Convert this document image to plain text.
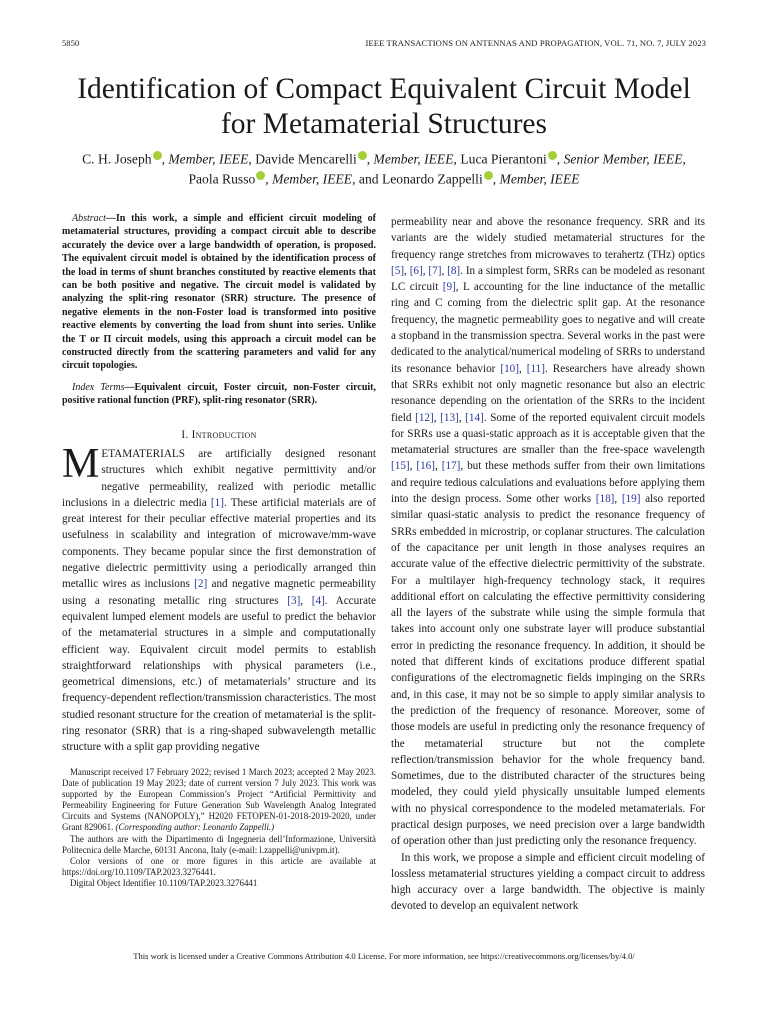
5850	IEEE TRANSACTIONS ON ANTENNAS AND PROPAGATION, VOL. 71, NO. 7, JULY 2023
Identification of Compact Equivalent Circuit Model
for Metamaterial Structures
C. H. Joseph , Member, IEEE, Davide Mencarelli , Member, IEEE, Luca Pierantoni , Senior Member, IEEE,
Paola Russo , Member, IEEE, and Leonardo Zappelli , Member, IEEE

Abstract—In this work, a simple and efficient circuit modeling of metamaterial structures, providing a compact circuit able to describe accurately the device over a large bandwidth of operation, is proposed. The equivalent circuit model is obtained by the identification process of the load in terms of shunt branches constituted by reactive elements that can be both positive and negative. The circuit model is validated by analyzing the split-ring resonator (SRR) structure. The presence of negative elements in the non-Foster load is transformed into positive reactive elements by converting the load from shunt into series. Unlike the T or Π circuit models, using this approach a circuit model can be constructed directly from the scattering parameters and valid for any circuit topologies.

Index Terms—Equivalent circuit, Foster circuit, non-Foster circuit, positive rational function (PRF), split-ring resonator (SRR).

I. Introduction

METAMATERIALS are artificially designed resonant structures which exhibit negative permittivity and/or negative permeability, realized with periodic metallic inclusions in a dielectric media [1]. These artificial materials are of great interest for their peculiar effective material properties and its usefulness in scalability and integration of microwave/mm-wave components. They became popular since the first demonstration of negative dielectric permittivity using a periodically arranged thin metallic wires as inclusions [2] and negative magnetic permeability using a resonating metallic ring structures [3], [4]. Accurate equivalent lumped element models are useful to predict the behavior of the metamaterial structures in a simple and computationally efficient way. Equivalent circuit model permits to establish straightforward relationships with physical parameters (i.e., geometrical dimensions, etc.) of metamaterials’ structure and its frequency-dependent reflection/transmission characteristics. The most studied resonant structure for the creation of metamaterial is the split-ring resonator (SRR) that is a ring-shaped subwavelength metallic structure with a split gap providing negative

Manuscript received 17 February 2022; revised 1 March 2023; accepted 2 May 2023. Date of publication 19 May 2023; date of current version 7 July 2023. This work was supported by the European Commission’s Project “Artificial Permittivity and Permeability Engineering for Future Generation Sub Wavelength Analog Integrated Circuits and Systems (NANOPOLY),” H2020 FETOPEN-01-2018-2019-2020, under Grant 829061. (Corresponding author: Leonardo Zappelli.)

The authors are with the Dipartimento di Ingegneria dell’Informazione, Università Politecnica delle Marche, 60131 Ancona, Italy (e-mail: l.zappelli@univpm.it).

Color versions of one or more figures in this article are available at https://doi.org/10.1109/TAP.2023.3276441.

Digital Object Identifier 10.1109/TAP.2023.3276441

permeability near and above the resonance frequency. SRR and its variants are the widely studied metamaterial structures for the frequency range stretches from microwaves to terahertz (THz) optics [5], [6], [7], [8]. In a simplest form, SRRs can be modeled as resonant LC circuit [9], L accounting for the line inductance of the metallic ring and C coming from the dielectric split gap. At the resonance frequency, the magnetic permeability goes to negative and will create a stopband in the transmission spectra. Several works in the past were dedicated to the analytical/numerical modeling of SRRs to understand its resonance behavior [10], [11]. Researchers have already shown that SRRs exhibit not only magnetic resonance but also an electric resonance depending on the orientation of the SRRs to the incident field [12], [13], [14]. Some of the reported equivalent circuit models for SRRs use a quasi-static approach as it is acceptable given that the metamaterial structures are smaller than the free-space wavelength [15], [16], [17], but these methods suffer from their own limitations and require tedious calculations and evaluations before applying them into the design process. Some other works [18], [19] also reported similar quasi-static analysis to predict the resonance frequency of SRRs embedded in microstrip, or coplanar structures. The calculation of the capacitance per unit length in those analyses requires an accurate value of the effective dielectric permittivity of the substrate. For a multilayer high-frequency technology stack, it requires additional effort on calculating the effective permittivity considering all the layers of the substrate while using the simple formula that takes into account only one substrate layer will produce substantial error in predicting the resonance frequency. In addition, it should be noted that different kinds of excitations produce different spatial configurations of the electromagnetic fields impinging on the SRRs and, in this case, it may not be so simple to apply similar analysis to the prediction of the frequency of resonance. Moreover, some of those models are useful in predicting only the resonance frequency of the metamaterial structure but not the complete reflection/transmission behavior for the whole frequency band. Sometimes, due to the distributed character of the structures being modeled, they could yield physically unsuitable lumped elements with no physical correspondence to the modeled metamaterials. For practical design purposes, we need precision over a large bandwidth of operation other than just predicting only the resonance frequency.

In this work, we propose a simple and efficient circuit modeling of lossless metamaterial structures yielding a compact circuit to address high accuracy over a large bandwidth. The objective is mainly devoted to develop an equivalent network

This work is licensed under a Creative Commons Attribution 4.0 License. For more information, see https://creativecommons.org/licenses/by/4.0/
